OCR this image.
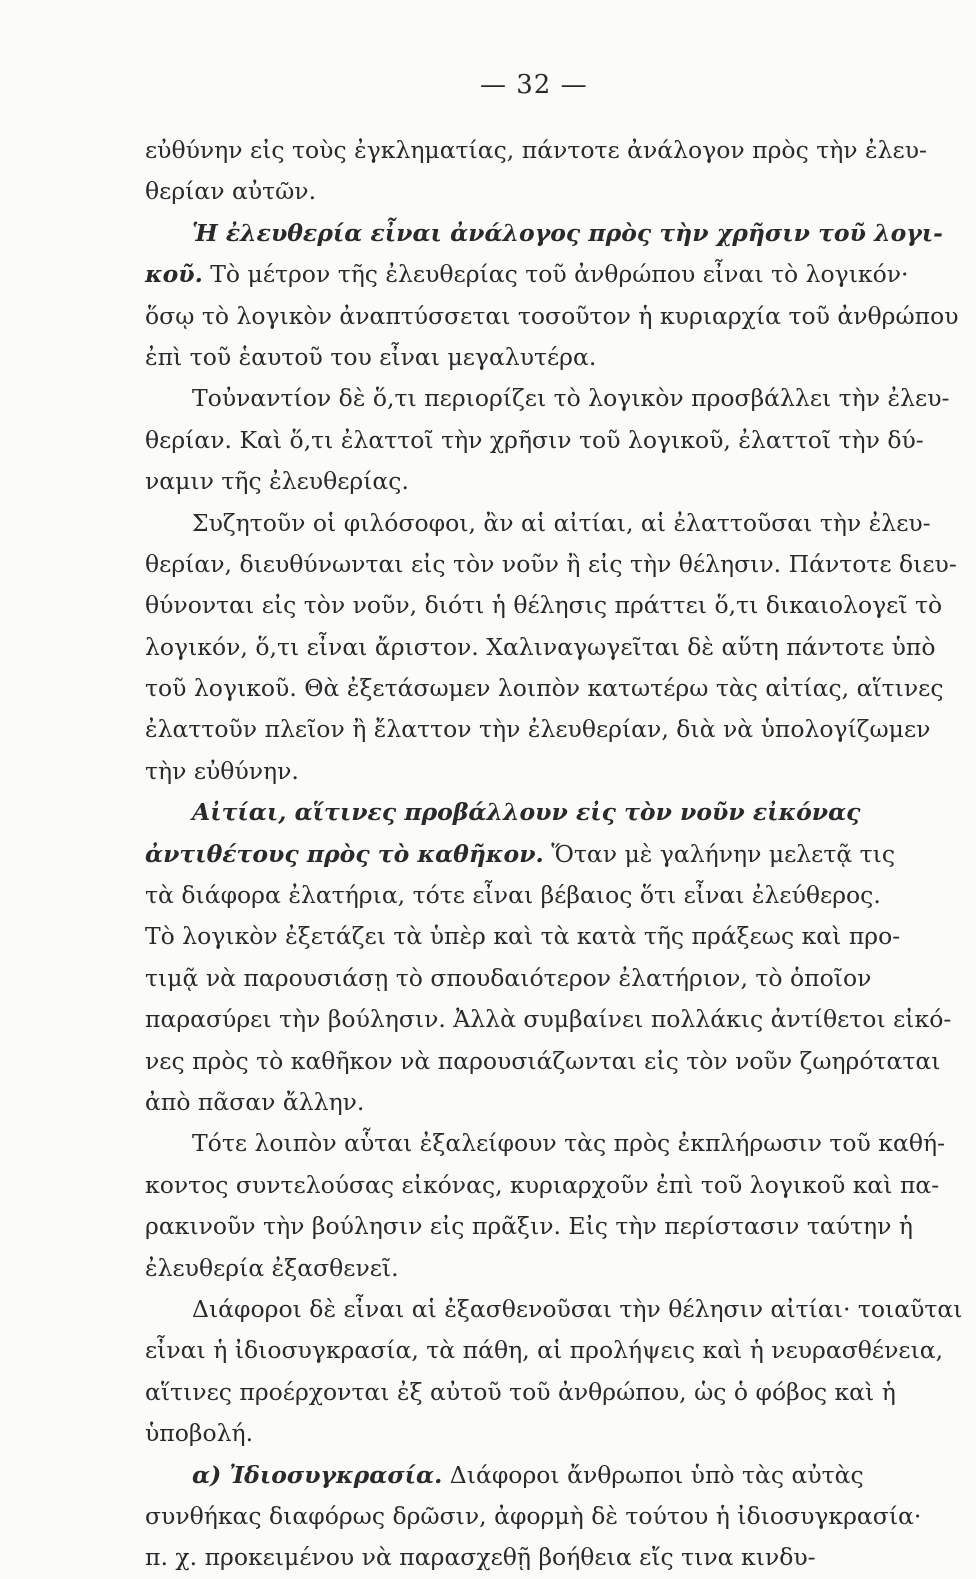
— 32 —
εὐθύνην εἰς τοὺς ἐγκληματίας, πάντοτε ἀνάλογον πρὸς τὴν ἐλευ-
θερίαν αὐτῶν.
Ἡ ἐλευθερία εἶναι ἀνάλογος πρὸς τὴν χρῆσιν τοῦ λογι-
κοῦ. Τὸ μέτρον τῆς ἐλευθερίας τοῦ ἀνθρώπου εἶναι τὸ λογικόν·
ὅσῳ τὸ λογικὸν ἀναπτύσσεται τοσοῦτον ἡ κυριαρχία τοῦ ἀνθρώπου
ἐπὶ τοῦ ἑαυτοῦ του εἶναι μεγαλυτέρα.
Τοὐναντίον δὲ ὅ,τι περιορίζει τὸ λογικὸν προσβάλλει τὴν ἐλευ-
θερίαν. Καὶ ὅ,τι ἐλαττοῖ τὴν χρῆσιν τοῦ λογικοῦ, ἐλαττοῖ τὴν δύ-
ναμιν τῆς ἐλευθερίας.
Συζητοῦν οἱ φιλόσοφοι, ἂν αἱ αἰτίαι, αἱ ἐλαττοῦσαι τὴν ἐλευ-
θερίαν, διευθύνωνται εἰς τὸν νοῦν ἢ εἰς τὴν θέλησιν. Πάντοτε διευ-
θύνονται εἰς τὸν νοῦν, διότι ἡ θέλησις πράττει ὅ,τι δικαιολογεῖ τὸ
λογικόν, ὅ,τι εἶναι ἄριστον. Χαλιναγωγεῖται δὲ αὕτη πάντοτε ὑπὸ
τοῦ λογικοῦ. Θὰ ἐξετάσωμεν λοιπὸν κατωτέρω τὰς αἰτίας, αἵτινες
ἐλαττοῦν πλεῖον ἢ ἔλαττον τὴν ἐλευθερίαν, διὰ νὰ ὑπολογίζωμεν
τὴν εὐθύνην.
Αἰτίαι, αἵτινες προβάλλουν εἰς τὸν νοῦν εἰκόνας
ἀντιθέτους πρὸς τὸ καθῆκον. Ὅταν μὲ γαλήνην μελετᾷ τις
τὰ διάφορα ἐλατήρια, τότε εἶναι βέβαιος ὅτι εἶναι ἐλεύθερος.
Τὸ λογικὸν ἐξετάζει τὰ ὑπὲρ καὶ τὰ κατὰ τῆς πράξεως καὶ προ-
τιμᾷ νὰ παρουσιάσῃ τὸ σπουδαιότερον ἐλατήριον, τὸ ὁποῖον
παρασύρει τὴν βούλησιν. Ἀλλὰ συμβαίνει πολλάκις ἀντίθετοι εἰκό-
νες πρὸς τὸ καθῆκον νὰ παρουσιάζωνται εἰς τὸν νοῦν ζωηρόταται
ἀπὸ πᾶσαν ἄλλην.
Τότε λοιπὸν αὗται ἐξαλείφουν τὰς πρὸς ἐκπλήρωσιν τοῦ καθή-
κοντος συντελούσας εἰκόνας, κυριαρχοῦν ἐπὶ τοῦ λογικοῦ καὶ πα-
ρακινοῦν τὴν βούλησιν εἰς πρᾶξιν. Εἰς τὴν περίστασιν ταύτην ἡ
ἐλευθερία ἐξασθενεῖ.
Διάφοροι δὲ εἶναι αἱ ἐξασθενοῦσαι τὴν θέλησιν αἰτίαι· τοιαῦται
εἶναι ἡ ἰδιοσυγκρασία, τὰ πάθη, αἱ προλήψεις καὶ ἡ νευρασθένεια,
αἵτινες προέρχονται ἐξ αὐτοῦ τοῦ ἀνθρώπου, ὡς ὁ φόβος καὶ ἡ
ὑποβολή.
α) Ἰδιοσυγκρασία. Διάφοροι ἄνθρωποι ὑπὸ τὰς αὐτὰς
συνθήκας διαφόρως δρῶσιν, ἀφορμὴ δὲ τούτου ἡ ἰδιοσυγκρασία·
π. χ. προκειμένου νὰ παρασχεθῇ βοήθεια εἴς τινα κινδυ-
